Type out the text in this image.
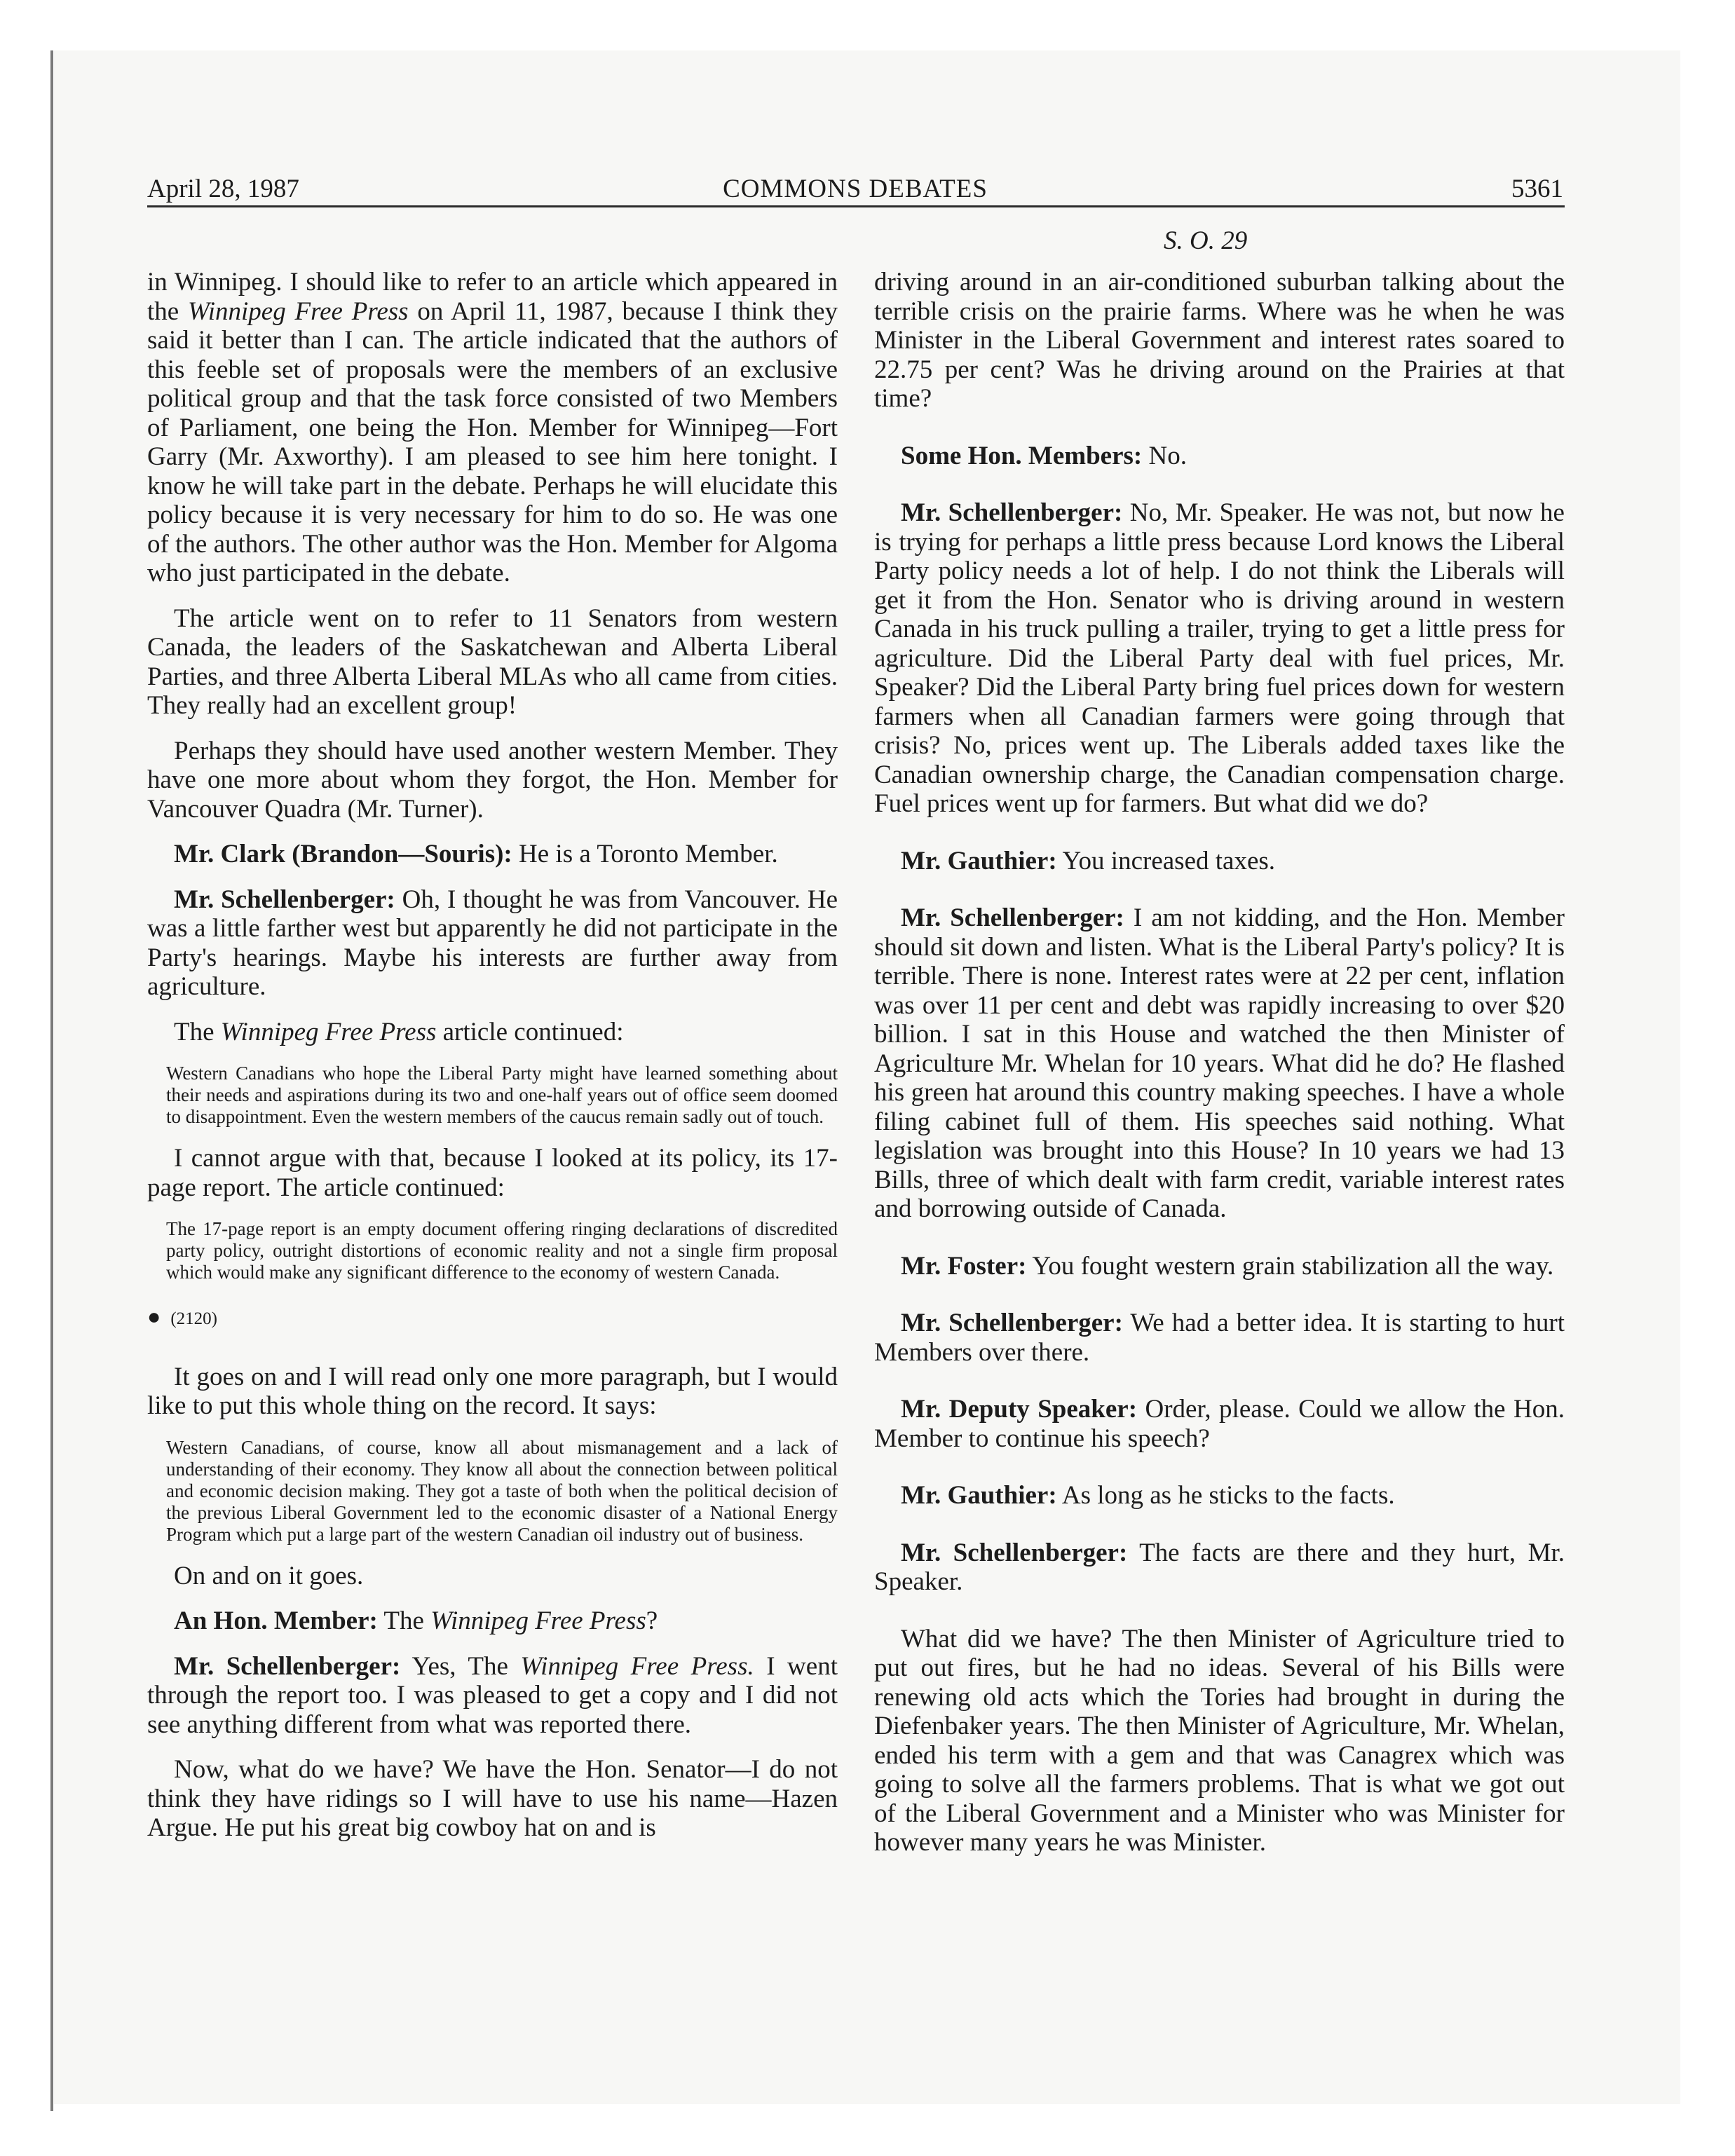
April 28, 1987	COMMONS DEBATES	5361
S. O. 29

in Winnipeg. I should like to refer to an article which appeared in the Winnipeg Free Press on April 11, 1987, because I think they said it better than I can. The article indicated that the authors of this feeble set of proposals were the members of an exclusive political group and that the task force consisted of two Members of Parliament, one being the Hon. Member for Winnipeg—Fort Garry (Mr. Axworthy). I am pleased to see him here tonight. I know he will take part in the debate. Perhaps he will elucidate this policy because it is very necessary for him to do so. He was one of the authors. The other author was the Hon. Member for Algoma who just participated in the debate.

The article went on to refer to 11 Senators from western Canada, the leaders of the Saskatchewan and Alberta Liberal Parties, and three Alberta Liberal MLAs who all came from cities. They really had an excellent group!

Perhaps they should have used another western Member. They have one more about whom they forgot, the Hon. Member for Vancouver Quadra (Mr. Turner).

Mr. Clark (Brandon—Souris): He is a Toronto Member.

Mr. Schellenberger: Oh, I thought he was from Vancouver. He was a little farther west but apparently he did not participate in the Party's hearings. Maybe his interests are further away from agriculture.

The Winnipeg Free Press article continued:

Western Canadians who hope the Liberal Party might have learned something about their needs and aspirations during its two and one-half years out of office seem doomed to disappointment. Even the western members of the caucus remain sadly out of touch.

I cannot argue with that, because I looked at its policy, its 17-page report. The article continued:

The 17-page report is an empty document offering ringing declarations of discredited party policy, outright distortions of economic reality and not a single firm proposal which would make any significant difference to the economy of western Canada.
● (2120)

It goes on and I will read only one more paragraph, but I would like to put this whole thing on the record. It says:

Western Canadians, of course, know all about mismanagement and a lack of understanding of their economy. They know all about the connection between political and economic decision making. They got a taste of both when the political decision of the previous Liberal Government led to the economic disaster of a National Energy Program which put a large part of the western Canadian oil industry out of business.

On and on it goes.

An Hon. Member: The Winnipeg Free Press?

Mr. Schellenberger: Yes, The Winnipeg Free Press. I went through the report too. I was pleased to get a copy and I did not see anything different from what was reported there.

Now, what do we have? We have the Hon. Senator—I do not think they have ridings so I will have to use his name—Hazen Argue. He put his great big cowboy hat on and is

driving around in an air-conditioned suburban talking about the terrible crisis on the prairie farms. Where was he when he was Minister in the Liberal Government and interest rates soared to 22.75 per cent? Was he driving around on the Prairies at that time?

Some Hon. Members: No.

Mr. Schellenberger: No, Mr. Speaker. He was not, but now he is trying for perhaps a little press because Lord knows the Liberal Party policy needs a lot of help. I do not think the Liberals will get it from the Hon. Senator who is driving around in western Canada in his truck pulling a trailer, trying to get a little press for agriculture. Did the Liberal Party deal with fuel prices, Mr. Speaker? Did the Liberal Party bring fuel prices down for western farmers when all Canadian farmers were going through that crisis? No, prices went up. The Liberals added taxes like the Canadian ownership charge, the Canadian compensation charge. Fuel prices went up for farmers. But what did we do?

Mr. Gauthier: You increased taxes.

Mr. Schellenberger: I am not kidding, and the Hon. Member should sit down and listen. What is the Liberal Party's policy? It is terrible. There is none. Interest rates were at 22 per cent, inflation was over 11 per cent and debt was rapidly increasing to over $20 billion. I sat in this House and watched the then Minister of Agriculture Mr. Whelan for 10 years. What did he do? He flashed his green hat around this country making speeches. I have a whole filing cabinet full of them. His speeches said nothing. What legislation was brought into this House? In 10 years we had 13 Bills, three of which dealt with farm credit, variable interest rates and borrowing outside of Canada.

Mr. Foster: You fought western grain stabilization all the way.

Mr. Schellenberger: We had a better idea. It is starting to hurt Members over there.

Mr. Deputy Speaker: Order, please. Could we allow the Hon. Member to continue his speech?

Mr. Gauthier: As long as he sticks to the facts.

Mr. Schellenberger: The facts are there and they hurt, Mr. Speaker.

What did we have? The then Minister of Agriculture tried to put out fires, but he had no ideas. Several of his Bills were renewing old acts which the Tories had brought in during the Diefenbaker years. The then Minister of Agriculture, Mr. Whelan, ended his term with a gem and that was Canagrex which was going to solve all the farmers problems. That is what we got out of the Liberal Government and a Minister who was Minister for however many years he was Minister.
